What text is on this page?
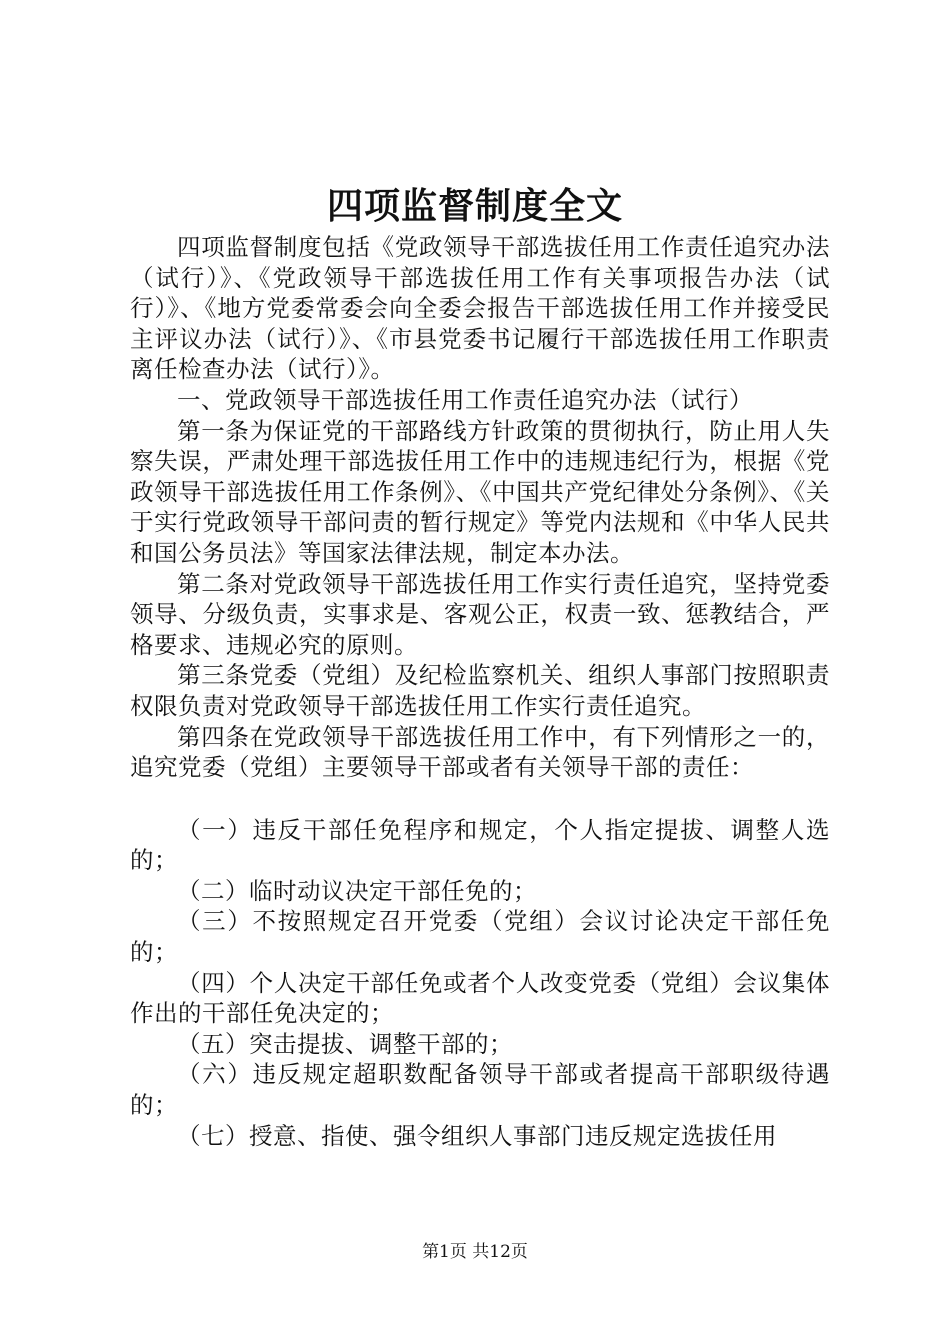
四项监督制度全文

四项监督制度包括《党政领导干部选拔任用工作责任追究办法（试行）》、《党政领导干部选拔任用工作有关事项报告办法（试行）》、《地方党委常委会向全委会报告干部选拔任用工作并接受民主评议办法（试行）》、《市县党委书记履行干部选拔任用工作职责离任检查办法（试行）》。

一、党政领导干部选拔任用工作责任追究办法（试行）

第一条为保证党的干部路线方针政策的贯彻执行，防止用人失察失误，严肃处理干部选拔任用工作中的违规违纪行为，根据《党政领导干部选拔任用工作条例》、《中国共产党纪律处分条例》、《关于实行党政领导干部问责的暂行规定》等党内法规和《中华人民共和国公务员法》等国家法律法规，制定本办法。

第二条对党政领导干部选拔任用工作实行责任追究，坚持党委领导、分级负责，实事求是、客观公正，权责一致、惩教结合，严格要求、违规必究的原则。

第三条党委（党组）及纪检监察机关、组织人事部门按照职责权限负责对党政领导干部选拔任用工作实行责任追究。

第四条在党政领导干部选拔任用工作中，有下列情形之一的，追究党委（党组）主要领导干部或者有关领导干部的责任：

（一）违反干部任免程序和规定，个人指定提拔、调整人选的；

（二）临时动议决定干部任免的；

（三）不按照规定召开党委（党组）会议讨论决定干部任免的；

（四）个人决定干部任免或者个人改变党委（党组）会议集体作出的干部任免决定的；

（五）突击提拔、调整干部的；

（六）违反规定超职数配备领导干部或者提高干部职级待遇的；

（七）授意、指使、强令组织人事部门违反规定选拔任用

第1页 共12页
